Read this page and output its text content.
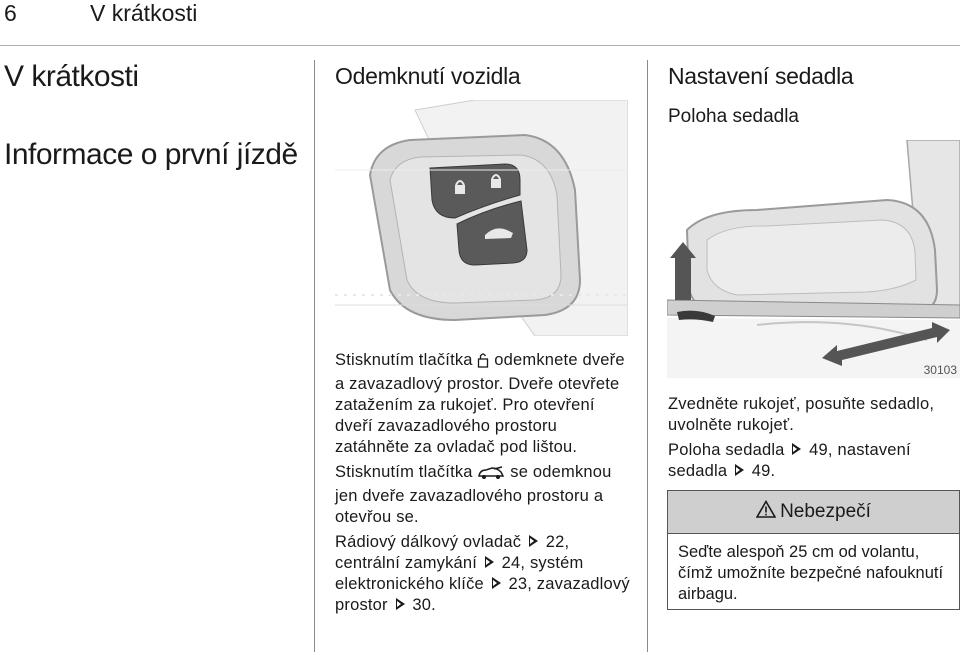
6	V krátkosti
V krátkosti
Informace o první jízdě
Odemknutí vozidla

Stisknutím tlačítka  odemknete dveře a zavazadlový prostor. Dveře otevřete zatažením za rukojeť. Pro otevření dveří zavazadlového prostoru zatáhněte za ovladač pod lištou.

Stisknutím tlačítka  se odemknou jen dveře zavazadlového prostoru a otevřou se.

Rádiový dálkový ovladač  22, centrální zamykání  24, systém elektronického klíče  23, zavazadlový prostor  30.

Nastavení sedadla
Poloha sedadla
30103

Zvedněte rukojeť, posuňte sedadlo, uvolněte rukojeť.

Poloha sedadla  49, nastavení sedadla  49.

Nebezpečí
Seďte alespoň 25 cm od volantu, čímž umožníte bezpečné nafouknutí airbagu.
